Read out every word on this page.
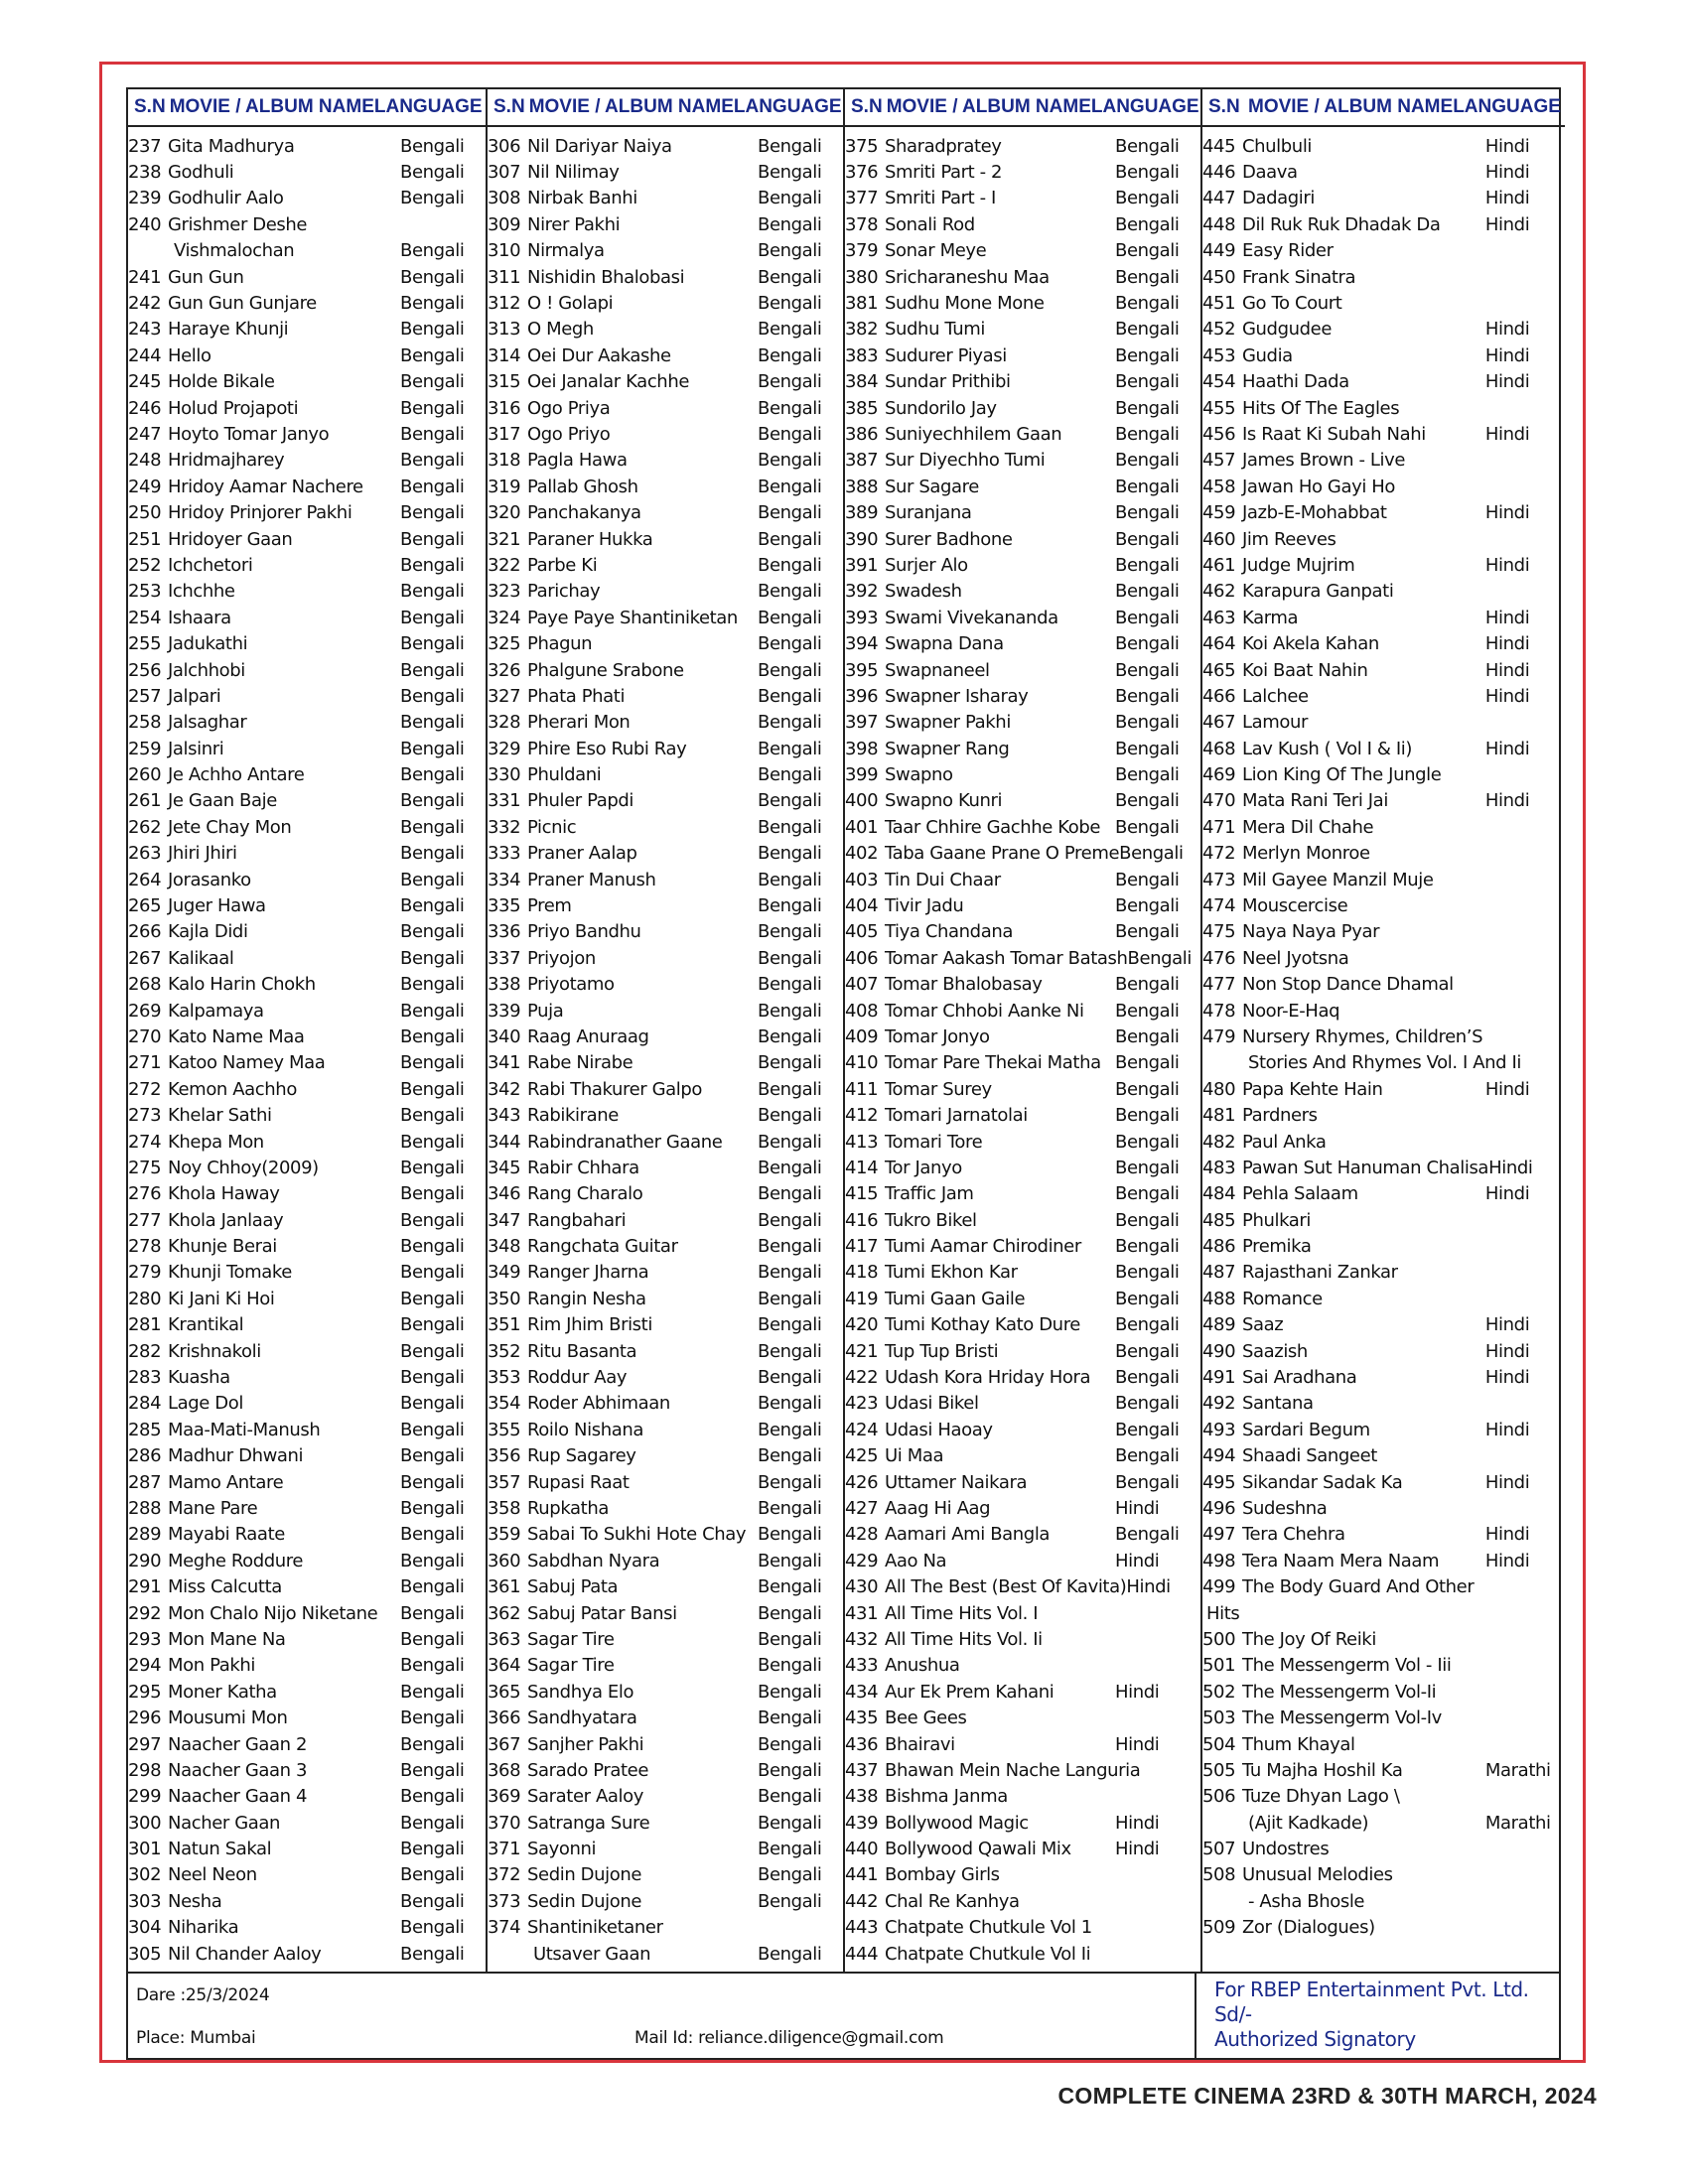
S.N MOVIE / ALBUM NAME LANGUAGE
237 Gita Madhurya	Bengali
238 Godhuli	Bengali
239 Godhulir Aalo	Bengali
240 Grishmer Deshe
Vishmalochan	Bengali
241 Gun Gun	Bengali
242 Gun Gun Gunjare	Bengali
243 Haraye Khunji	Bengali
244 Hello	Bengali
245 Holde Bikale	Bengali
246 Holud Projapoti	Bengali
247 Hoyto Tomar Janyo	Bengali
248 Hridmajharey	Bengali
249 Hridoy Aamar Nachere	Bengali
250 Hridoy Prinjorer Pakhi	Bengali
251 Hridoyer Gaan	Bengali
252 Ichchetori	Bengali
253 Ichchhe	Bengali
254 Ishaara	Bengali
255 Jadukathi	Bengali
256 Jalchhobi	Bengali
257 Jalpari	Bengali
258 Jalsaghar	Bengali
259 Jalsinri	Bengali
260 Je Achho Antare	Bengali
261 Je Gaan Baje	Bengali
262 Jete Chay Mon	Bengali
263 Jhiri Jhiri	Bengali
264 Jorasanko	Bengali
265 Juger Hawa	Bengali
266 Kajla Didi	Bengali
267 Kalikaal	Bengali
268 Kalo Harin Chokh	Bengali
269 Kalpamaya	Bengali
270 Kato Name Maa	Bengali
271 Katoo Namey Maa	Bengali
272 Kemon Aachho	Bengali
273 Khelar Sathi	Bengali
274 Khepa Mon	Bengali
275 Noy Chhoy(2009)	Bengali
276 Khola Haway	Bengali
277 Khola Janlaay	Bengali
278 Khunje Berai	Bengali
279 Khunji Tomake	Bengali
280 Ki Jani Ki Hoi	Bengali
281 Krantikal	Bengali
282 Krishnakoli	Bengali
283 Kuasha	Bengali
284 Lage Dol	Bengali
285 Maa-Mati-Manush	Bengali
286 Madhur Dhwani	Bengali
287 Mamo Antare	Bengali
288 Mane Pare	Bengali
289 Mayabi Raate	Bengali
290 Meghe Roddure	Bengali
291 Miss Calcutta	Bengali
292 Mon Chalo Nijo Niketane	Bengali
293 Mon Mane Na	Bengali
294 Mon Pakhi	Bengali
295 Moner Katha	Bengali
296 Mousumi Mon	Bengali
297 Naacher Gaan 2	Bengali
298 Naacher Gaan 3	Bengali
299 Naacher Gaan 4	Bengali
300 Nacher Gaan	Bengali
301 Natun Sakal	Bengali
302 Neel Neon	Bengali
303 Nesha	Bengali
304 Niharika	Bengali
305 Nil Chander Aaloy	Bengali
S.N MOVIE / ALBUM NAME LANGUAGE
306 Nil Dariyar Naiya	Bengali
307 Nil Nilimay	Bengali
308 Nirbak Banhi	Bengali
309 Nirer Pakhi	Bengali
310 Nirmalya	Bengali
311 Nishidin Bhalobasi	Bengali
312 O ! Golapi	Bengali
313 O Megh	Bengali
314 Oei Dur Aakashe	Bengali
315 Oei Janalar Kachhe	Bengali
316 Ogo Priya	Bengali
317 Ogo Priyo	Bengali
318 Pagla Hawa	Bengali
319 Pallab Ghosh	Bengali
320 Panchakanya	Bengali
321 Paraner Hukka	Bengali
322 Parbe Ki	Bengali
323 Parichay	Bengali
324 Paye Paye Shantiniketan	Bengali
325 Phagun	Bengali
326 Phalgune Srabone	Bengali
327 Phata Phati	Bengali
328 Pherari Mon	Bengali
329 Phire Eso Rubi Ray	Bengali
330 Phuldani	Bengali
331 Phuler Papdi	Bengali
332 Picnic	Bengali
333 Praner Aalap	Bengali
334 Praner Manush	Bengali
335 Prem	Bengali
336 Priyo Bandhu	Bengali
337 Priyojon	Bengali
338 Priyotamo	Bengali
339 Puja	Bengali
340 Raag Anuraag	Bengali
341 Rabe Nirabe	Bengali
342 Rabi Thakurer Galpo	Bengali
343 Rabikirane	Bengali
344 Rabindranather Gaane	Bengali
345 Rabir Chhara	Bengali
346 Rang Charalo	Bengali
347 Rangbahari	Bengali
348 Rangchata Guitar	Bengali
349 Ranger Jharna	Bengali
350 Rangin Nesha	Bengali
351 Rim Jhim Bristi	Bengali
352 Ritu Basanta	Bengali
353 Roddur Aay	Bengali
354 Roder Abhimaan	Bengali
355 Roilo Nishana	Bengali
356 Rup Sagarey	Bengali
357 Rupasi Raat	Bengali
358 Rupkatha	Bengali
359 Sabai To Sukhi Hote Chay Bengali
360 Sabdhan Nyara	Bengali
361 Sabuj Pata	Bengali
362 Sabuj Patar Bansi	Bengali
363 Sagar Tire	Bengali
364 Sagar Tire	Bengali
365 Sandhya Elo	Bengali
366 Sandhyatara	Bengali
367 Sanjher Pakhi	Bengali
368 Sarado Pratee	Bengali
369 Sarater Aaloy	Bengali
370 Satranga Sure	Bengali
371 Sayonni	Bengali
372 Sedin Dujone	Bengali
373 Sedin Dujone	Bengali
374 Shantiniketaner
Utsaver Gaan	Bengali
S.N MOVIE / ALBUM NAME LANGUAGE
375 Sharadpratey	Bengali
376 Smriti Part - 2	Bengali
377 Smriti Part - I	Bengali
378 Sonali Rod	Bengali
379 Sonar Meye	Bengali
380 Sricharaneshu Maa	Bengali
381 Sudhu Mone Mone	Bengali
382 Sudhu Tumi	Bengali
383 Sudurer Piyasi	Bengali
384 Sundar Prithibi	Bengali
385 Sundorilo Jay	Bengali
386 Suniyechhilem Gaan	Bengali
387 Sur Diyechho Tumi	Bengali
388 Sur Sagare	Bengali
389 Suranjana	Bengali
390 Surer Badhone	Bengali
391 Surjer Alo	Bengali
392 Swadesh	Bengali
393 Swami Vivekananda	Bengali
394 Swapna Dana	Bengali
395 Swapnaneel	Bengali
396 Swapner Isharay	Bengali
397 Swapner Pakhi	Bengali
398 Swapner Rang	Bengali
399 Swapno	Bengali
400 Swapno Kunri	Bengali
401 Taar Chhire Gachhe Kobe Bengali
402 Taba Gaane Prane O Preme Bengali
403 Tin Dui Chaar	Bengali
404 Tivir Jadu	Bengali
405 Tiya Chandana	Bengali
406 Tomar Aakash Tomar Batash Bengali
407 Tomar Bhalobasay	Bengali
408 Tomar Chhobi Aanke Ni	Bengali
409 Tomar Jonyo	Bengali
410 Tomar Pare Thekai Matha Bengali
411 Tomar Surey	Bengali
412 Tomari Jarnatolai	Bengali
413 Tomari Tore	Bengali
414 Tor Janyo	Bengali
415 Traffic Jam	Bengali
416 Tukro Bikel	Bengali
417 Tumi Aamar Chirodiner	Bengali
418 Tumi Ekhon Kar	Bengali
419 Tumi Gaan Gaile	Bengali
420 Tumi Kothay Kato Dure	Bengali
421 Tup Tup Bristi	Bengali
422 Udash Kora Hriday Hora	Bengali
423 Udasi Bikel	Bengali
424 Udasi Haoay	Bengali
425 Ui Maa	Bengali
426 Uttamer Naikara	Bengali
427 Aaag Hi Aag	Hindi
428 Aamari Ami Bangla	Bengali
429 Aao Na	Hindi
430 All The Best (Best Of Kavita) Hindi
431 All Time Hits Vol. I
432 All Time Hits Vol. Ii
433 Anushua
434 Aur Ek Prem Kahani	Hindi
435 Bee Gees
436 Bhairavi	Hindi
437 Bhawan Mein Nache Languria
438 Bishma Janma
439 Bollywood Magic	Hindi
440 Bollywood Qawali Mix	Hindi
441 Bombay Girls
442 Chal Re Kanhya
443 Chatpate Chutkule Vol 1
444 Chatpate Chutkule Vol Ii
S.N MOVIE / ALBUM NAME LANGUAGE
445 Chulbuli	Hindi
446 Daava	Hindi
447 Dadagiri	Hindi
448 Dil Ruk Ruk Dhadak Da	Hindi
449 Easy Rider
450 Frank Sinatra
451 Go To Court
452 Gudgudee	Hindi
453 Gudia	Hindi
454 Haathi Dada	Hindi
455 Hits Of The Eagles
456 Is Raat Ki Subah Nahi	Hindi
457 James Brown - Live
458 Jawan Ho Gayi Ho
459 Jazb-E-Mohabbat	Hindi
460 Jim Reeves
461 Judge Mujrim	Hindi
462 Karapura Ganpati
463 Karma	Hindi
464 Koi Akela Kahan	Hindi
465 Koi Baat Nahin	Hindi
466 Lalchee	Hindi
467 Lamour
468 Lav Kush ( Vol I & Ii)	Hindi
469 Lion King Of The Jungle
470 Mata Rani Teri Jai	Hindi
471 Mera Dil Chahe
472 Merlyn Monroe
473 Mil Gayee Manzil Muje
474 Mouscercise
475 Naya Naya Pyar
476 Neel Jyotsna
477 Non Stop Dance Dhamal
478 Noor-E-Haq
479 Nursery Rhymes, Children’S
Stories And Rhymes Vol. I And Ii
480 Papa Kehte Hain	Hindi
481 Pardners
482 Paul Anka
483 Pawan Sut Hanuman Chalisa Hindi
484 Pehla Salaam	Hindi
485 Phulkari
486 Premika
487 Rajasthani Zankar
488 Romance
489 Saaz	Hindi
490 Saazish	Hindi
491 Sai Aradhana	Hindi
492 Santana
493 Sardari Begum	Hindi
494 Shaadi Sangeet
495 Sikandar Sadak Ka	Hindi
496 Sudeshna
497 Tera Chehra	Hindi
498 Tera Naam Mera Naam	Hindi
499 The Body Guard And Other
Hits
500 The Joy Of Reiki
501 The Messengerm Vol - Iii
502 The Messengerm Vol-Ii
503 The Messengerm Vol-Iv
504 Thum Khayal
505 Tu Majha Hoshil Ka	Marathi
506 Tuze Dhyan Lago \
(Ajit Kadkade)	Marathi
507 Undostres
508 Unusual Melodies
- Asha Bhosle
509 Zor (Dialogues)
Dare :25/3/2024
Place: Mumbai	Mail Id: reliance.diligence@gmail.com
For RBEP Entertainment Pvt. Ltd.
Sd/-
Authorized Signatory
COMPLETE CINEMA 23RD & 30TH MARCH, 2024
